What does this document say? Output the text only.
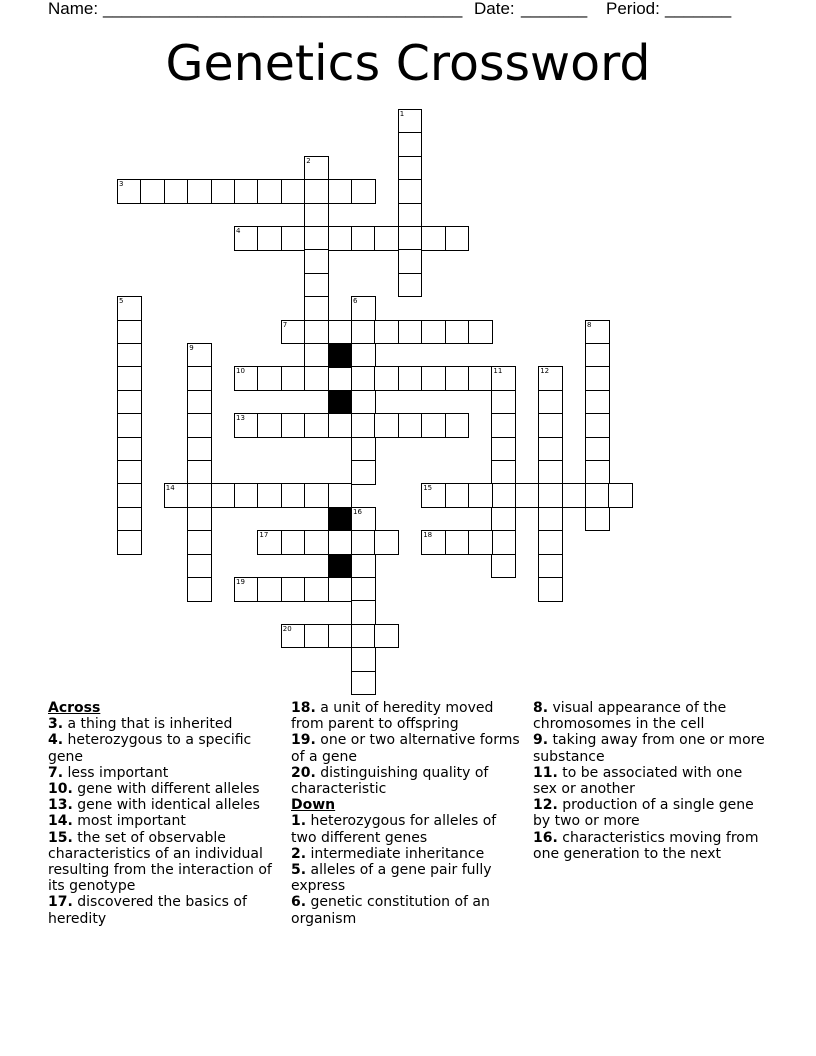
Name: ______________________________________ Date: _______ Period: _______
Genetics Crossword
1
2
3
4
5	6
7	8
9
10	11	12
13
14	15
16
17	18
19
20

Across

3. a thing that is inherited

4. heterozygous to a specific gene

7. less important

10. gene with different alleles

13. gene with identical alleles

14. most important

15. the set of observable characteristics of an individual resulting from the interaction of its genotype

17. discovered the basics of heredity

18. a unit of heredity moved from parent to offspring

19. one or two alternative forms of a gene

20. distinguishing quality of characteristic

Down

1. heterozygous for alleles of two different genes

2. intermediate inheritance

5. alleles of a gene pair fully express

6. genetic constitution of an organism

8. visual appearance of the chromosomes in the cell

9. taking away from one or more substance

11. to be associated with one sex or another

12. production of a single gene by two or more

16. characteristics moving from one generation to the next
